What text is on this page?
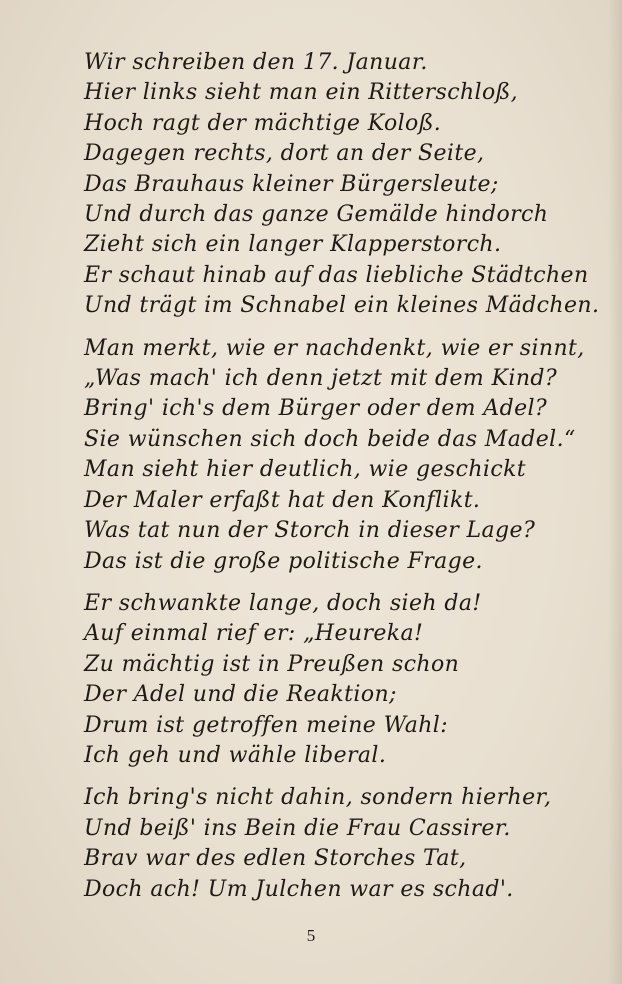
Wir schreiben den 17. Januar.
Hier links sieht man ein Ritterschloß,
Hoch ragt der mächtige Koloß.
Dagegen rechts, dort an der Seite,
Das Brauhaus kleiner Bürgersleute;
Und durch das ganze Gemälde hindorch
Zieht sich ein langer Klapperstorch.
Er schaut hinab auf das liebliche Städtchen
Und trägt im Schnabel ein kleines Mädchen.
Man merkt, wie er nachdenkt, wie er sinnt,
„Was mach' ich denn jetzt mit dem Kind?
Bring' ich's dem Bürger oder dem Adel?
Sie wünschen sich doch beide das Madel.“
Man sieht hier deutlich, wie geschickt
Der Maler erfaßt hat den Konflikt.
Was tat nun der Storch in dieser Lage?
Das ist die große politische Frage.
Er schwankte lange, doch sieh da!
Auf einmal rief er: „Heureka!
Zu mächtig ist in Preußen schon
Der Adel und die Reaktion;
Drum ist getroffen meine Wahl:
Ich geh und wähle liberal.
Ich bring's nicht dahin, sondern hierher,
Und beiß' ins Bein die Frau Cassirer.
Brav war des edlen Storches Tat,
Doch ach! Um Julchen war es schad'.
5
